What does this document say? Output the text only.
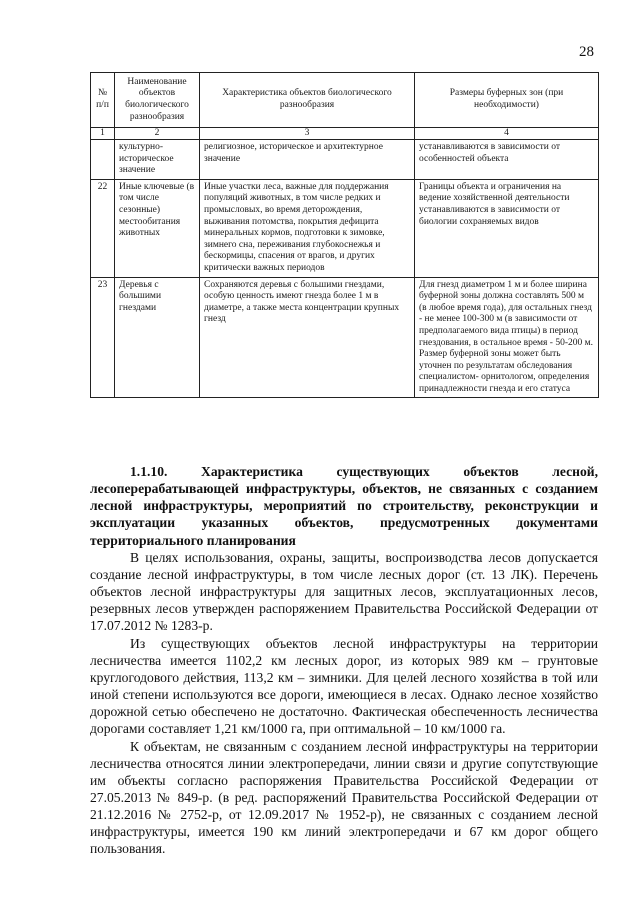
28
№ п/п	Наименование объектов биологического разнообразия	Характеристика объектов биологического разнообразия	Размеры буферных зон (при необходимости)
1	2	3	4
	культурно-историческое значение	религиозное, историческое и архитектурное значение	устанавливаются в зависимости от особенностей объекта
22	Иные ключевые (в том числе сезонные) местообитания животных	Иные участки леса, важные для поддержания популяций животных, в том числе редких и промысловых, во время деторождения, выживания потомства, покрытия дефицита минеральных кормов, подготовки к зимовке, зимнего сна, переживания глубокоснежья и бескормицы, спасения от врагов, и других критически важных периодов	Границы объекта и ограничения на ведение хозяйственной деятельности устанавливаются в зависимости от биологии сохраняемых видов
23	Деревья с большими гнездами	Сохраняются деревья с большими гнездами, особую ценность имеют гнезда более 1 м в диаметре, а также места концентрации крупных гнезд	Для гнезд диаметром 1 м и более ширина буферной зоны должна составлять 500 м (в любое время года), для остальных гнезд - не менее 100-300 м (в зависимости от предполагаемого вида птицы) в период гнездования, в остальное время - 50-200 м. Размер буферной зоны может быть уточнен по результатам обследования специалистом- орнитологом, определения принадлежности гнезда и его статуса
1.1.10. Характеристика существующих объектов лесной, лесоперерабатывающей инфраструктуры, объектов, не связанных с созданием лесной инфраструктуры, мероприятий по строительству, реконструкции и эксплуатации указанных объектов, предусмотренных документами территориального планирования

В целях использования, охраны, защиты, воспроизводства лесов допускается создание лесной инфраструктуры, в том числе лесных дорог (ст. 13 ЛК). Перечень объектов лесной инфраструктуры для защитных лесов, эксплуатационных лесов, резервных лесов утвержден распоряжением Правительства Российской Федерации от 17.07.2012 № 1283-р.

Из существующих объектов лесной инфраструктуры на территории лесничества имеется 1102,2 км лесных дорог, из которых 989 км – грунтовые круглогодового действия, 113,2 км – зимники. Для целей лесного хозяйства в той или иной степени используются все дороги, имеющиеся в лесах. Однако лесное хозяйство дорожной сетью обеспечено не достаточно. Фактическая обеспеченность лесничества дорогами составляет 1,21 км/1000 га, при оптимальной – 10 км/1000 га.

К объектам, не связанным с созданием лесной инфраструктуры на территории лесничества относятся линии электропередачи, линии связи и другие сопутствующие им объекты согласно распоряжения Правительства Российской Федерации от 27.05.2013 № 849-р. (в ред. распоряжений Правительства Российской Федерации от 21.12.2016 № 2752-р, от 12.09.2017 № 1952-р), не связанных с созданием лесной инфраструктуры, имеется 190 км линий электропередачи и 67 км дорог общего пользования.
